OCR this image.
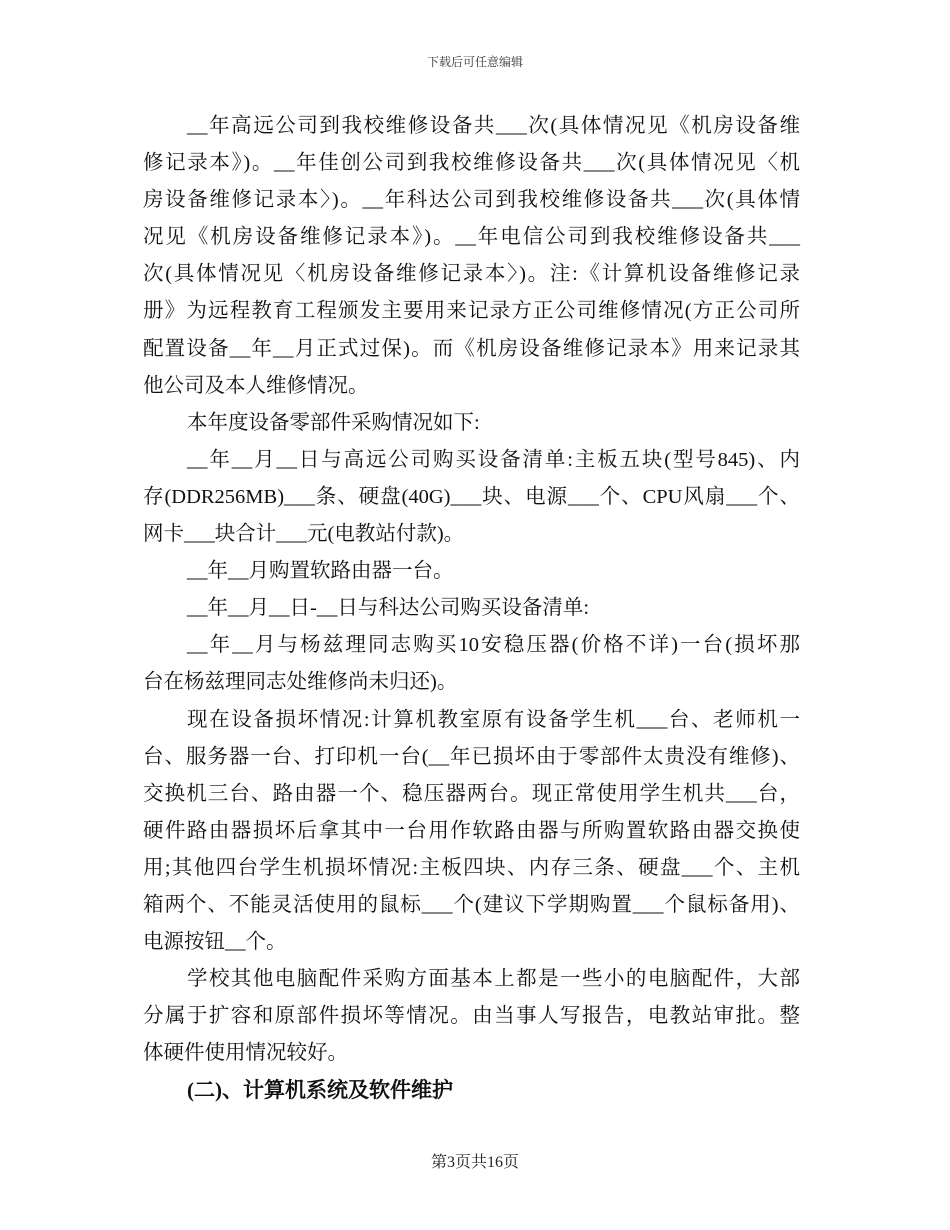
下载后可任意编辑
__年高远公司到我校维修设备共___次(具体情况见《机房设备维
修记录本》)。__年佳创公司到我校维修设备共___次(具体情况见〈机
房设备维修记录本〉)。__年科达公司到我校维修设备共___次(具体情
况见《机房设备维修记录本》)。__年电信公司到我校维修设备共___
次(具体情况见〈机房设备维修记录本〉)。注:《计算机设备维修记录
册》为远程教育工程颁发主要用来记录方正公司维修情况(方正公司所
配置设备__年__月正式过保)。而《机房设备维修记录本》用来记录其
他公司及本人维修情况。
本年度设备零部件采购情况如下:
__年__月__日与高远公司购买设备清单:主板五块(型号845)、内
存(DDR256MB)___条、硬盘(40G)___块、电源___个、CPU风扇___个、
网卡___块合计___元(电教站付款)。
__年__月购置软路由器一台。
__年__月__日-__日与科达公司购买设备清单:
__年__月与杨兹理同志购买10安稳压器(价格不详)一台(损坏那
台在杨兹理同志处维修尚未归还)。
现在设备损坏情况:计算机教室原有设备学生机___台、老师机一
台、服务器一台、打印机一台(__年已损坏由于零部件太贵没有维修)、
交换机三台、路由器一个、稳压器两台。现正常使用学生机共___台，
硬件路由器损坏后拿其中一台用作软路由器与所购置软路由器交换使
用;其他四台学生机损坏情况:主板四块、内存三条、硬盘___个、主机
箱两个、不能灵活使用的鼠标___个(建议下学期购置___个鼠标备用)、
电源按钮__个。
学校其他电脑配件采购方面基本上都是一些小的电脑配件，大部
分属于扩容和原部件损坏等情况。由当事人写报告，电教站审批。整
体硬件使用情况较好。
(二)、计算机系统及软件维护
第3页共16页
